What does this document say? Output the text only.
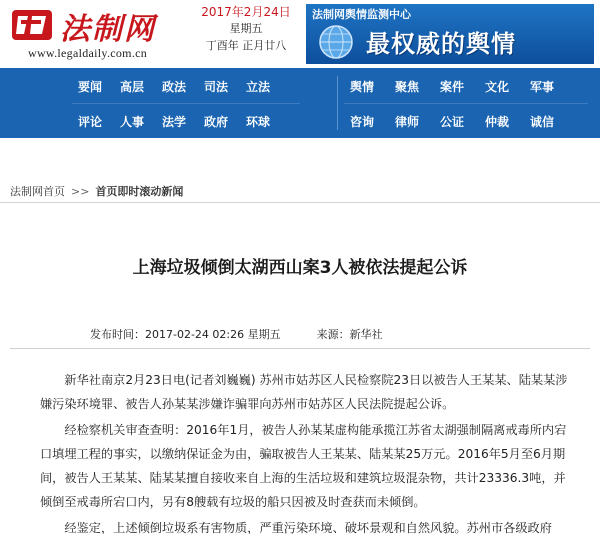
法制网
www.legaldaily.com.cn
2017年2月24日
星期五
丁酉年 正月廿八
法制网舆情监测中心
最权威的舆情
要闻 高层 政法 司法 立法
评论 人事 法学 政府 环球
舆情 聚焦 案件 文化 军事
咨询 律师 公证 仲裁 诚信
法制网首页 >> 首页即时滚动新闻
上海垃圾倾倒太湖西山案3人被依法提起公诉
发布时间：2017-02-24 02:26 星期五	来源：新华社

新华社南京2月23日电(记者刘巍巍) 苏州市姑苏区人民检察院23日以被告人王某某、陆某某涉嫌污染环境罪、被告人孙某某涉嫌诈骗罪向苏州市姑苏区人民法院提起公诉。

经检察机关审查查明：2016年1月，被告人孙某某虚构能承揽江苏省太湖强制隔离戒毒所内宕口填埋工程的事实，以缴纳保证金为由，骗取被告人王某某、陆某某25万元。2016年5月至6月期间，被告人王某某、陆某某擅自接收来自上海的生活垃圾和建筑垃圾混杂物，共计23336.3吨，并倾倒至戒毒所宕口内，另有8艘载有垃圾的船只因被及时查获而未倾倒。

经鉴定，上述倾倒垃圾系有害物质，严重污染环境、破坏景观和自然风貌。苏州市各级政府
